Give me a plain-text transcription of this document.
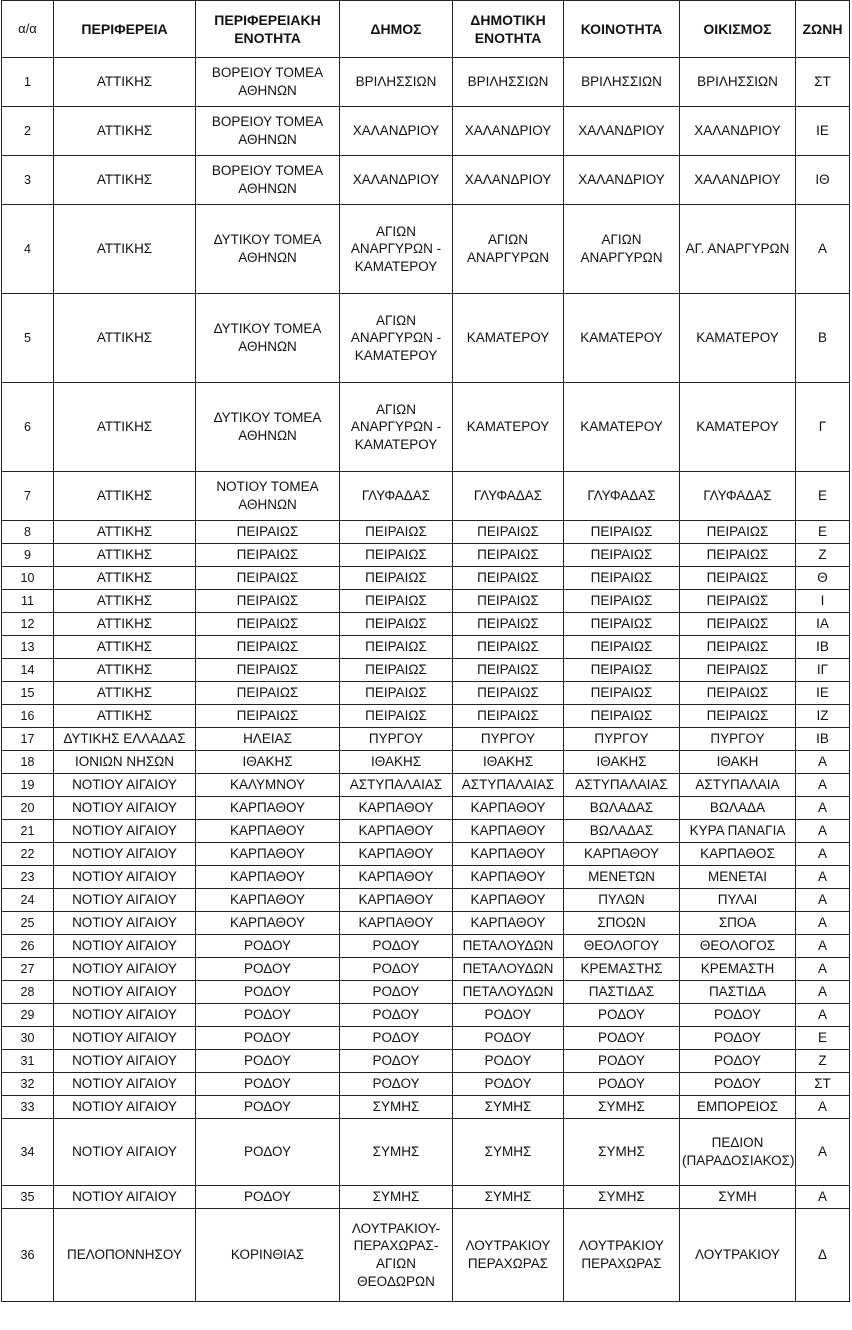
α/α	ΠΕΡΙΦΕΡΕΙΑ	ΠΕΡΙΦΕΡΕΙΑΚΗ ΕΝΟΤΗΤΑ	ΔΗΜΟΣ	ΔΗΜΟΤΙΚΗ ΕΝΟΤΗΤΑ	ΚΟΙΝΟΤΗΤΑ	ΟΙΚΙΣΜΟΣ	ΖΩΝΗ
1	ΑΤΤΙΚΗΣ	ΒΟΡΕΙΟΥ ΤΟΜΕΑ ΑΘΗΝΩΝ	ΒΡΙΛΗΣΣΙΩΝ	ΒΡΙΛΗΣΣΙΩΝ	ΒΡΙΛΗΣΣΙΩΝ	ΒΡΙΛΗΣΣΙΩΝ	ΣΤ
2	ΑΤΤΙΚΗΣ	ΒΟΡΕΙΟΥ ΤΟΜΕΑ ΑΘΗΝΩΝ	ΧΑΛΑΝΔΡΙΟΥ	ΧΑΛΑΝΔΡΙΟΥ	ΧΑΛΑΝΔΡΙΟΥ	ΧΑΛΑΝΔΡΙΟΥ	ΙΕ
3	ΑΤΤΙΚΗΣ	ΒΟΡΕΙΟΥ ΤΟΜΕΑ ΑΘΗΝΩΝ	ΧΑΛΑΝΔΡΙΟΥ	ΧΑΛΑΝΔΡΙΟΥ	ΧΑΛΑΝΔΡΙΟΥ	ΧΑΛΑΝΔΡΙΟΥ	ΙΘ
4	ΑΤΤΙΚΗΣ	ΔΥΤΙΚΟΥ ΤΟΜΕΑ ΑΘΗΝΩΝ	ΑΓΙΩΝ ΑΝΑΡΓΥΡΩΝ - ΚΑΜΑΤΕΡΟΥ	ΑΓΙΩΝ ΑΝΑΡΓΥΡΩΝ	ΑΓΙΩΝ ΑΝΑΡΓΥΡΩΝ	ΑΓ. ΑΝΑΡΓΥΡΩΝ	Α
5	ΑΤΤΙΚΗΣ	ΔΥΤΙΚΟΥ ΤΟΜΕΑ ΑΘΗΝΩΝ	ΑΓΙΩΝ ΑΝΑΡΓΥΡΩΝ - ΚΑΜΑΤΕΡΟΥ	ΚΑΜΑΤΕΡΟΥ	ΚΑΜΑΤΕΡΟΥ	ΚΑΜΑΤΕΡΟΥ	Β
6	ΑΤΤΙΚΗΣ	ΔΥΤΙΚΟΥ ΤΟΜΕΑ ΑΘΗΝΩΝ	ΑΓΙΩΝ ΑΝΑΡΓΥΡΩΝ - ΚΑΜΑΤΕΡΟΥ	ΚΑΜΑΤΕΡΟΥ	ΚΑΜΑΤΕΡΟΥ	ΚΑΜΑΤΕΡΟΥ	Γ
7	ΑΤΤΙΚΗΣ	ΝΟΤΙΟΥ ΤΟΜΕΑ ΑΘΗΝΩΝ	ΓΛΥΦΑΔΑΣ	ΓΛΥΦΑΔΑΣ	ΓΛΥΦΑΔΑΣ	ΓΛΥΦΑΔΑΣ	Ε
8	ΑΤΤΙΚΗΣ	ΠΕΙΡΑΙΩΣ	ΠΕΙΡΑΙΩΣ	ΠΕΙΡΑΙΩΣ	ΠΕΙΡΑΙΩΣ	ΠΕΙΡΑΙΩΣ	Ε
9	ΑΤΤΙΚΗΣ	ΠΕΙΡΑΙΩΣ	ΠΕΙΡΑΙΩΣ	ΠΕΙΡΑΙΩΣ	ΠΕΙΡΑΙΩΣ	ΠΕΙΡΑΙΩΣ	Ζ
10	ΑΤΤΙΚΗΣ	ΠΕΙΡΑΙΩΣ	ΠΕΙΡΑΙΩΣ	ΠΕΙΡΑΙΩΣ	ΠΕΙΡΑΙΩΣ	ΠΕΙΡΑΙΩΣ	Θ
11	ΑΤΤΙΚΗΣ	ΠΕΙΡΑΙΩΣ	ΠΕΙΡΑΙΩΣ	ΠΕΙΡΑΙΩΣ	ΠΕΙΡΑΙΩΣ	ΠΕΙΡΑΙΩΣ	Ι
12	ΑΤΤΙΚΗΣ	ΠΕΙΡΑΙΩΣ	ΠΕΙΡΑΙΩΣ	ΠΕΙΡΑΙΩΣ	ΠΕΙΡΑΙΩΣ	ΠΕΙΡΑΙΩΣ	ΙΑ
13	ΑΤΤΙΚΗΣ	ΠΕΙΡΑΙΩΣ	ΠΕΙΡΑΙΩΣ	ΠΕΙΡΑΙΩΣ	ΠΕΙΡΑΙΩΣ	ΠΕΙΡΑΙΩΣ	ΙΒ
14	ΑΤΤΙΚΗΣ	ΠΕΙΡΑΙΩΣ	ΠΕΙΡΑΙΩΣ	ΠΕΙΡΑΙΩΣ	ΠΕΙΡΑΙΩΣ	ΠΕΙΡΑΙΩΣ	ΙΓ
15	ΑΤΤΙΚΗΣ	ΠΕΙΡΑΙΩΣ	ΠΕΙΡΑΙΩΣ	ΠΕΙΡΑΙΩΣ	ΠΕΙΡΑΙΩΣ	ΠΕΙΡΑΙΩΣ	ΙΕ
16	ΑΤΤΙΚΗΣ	ΠΕΙΡΑΙΩΣ	ΠΕΙΡΑΙΩΣ	ΠΕΙΡΑΙΩΣ	ΠΕΙΡΑΙΩΣ	ΠΕΙΡΑΙΩΣ	ΙΖ
17	ΔΥΤΙΚΗΣ ΕΛΛΑΔΑΣ	ΗΛΕΙΑΣ	ΠΥΡΓΟΥ	ΠΥΡΓΟΥ	ΠΥΡΓΟΥ	ΠΥΡΓΟΥ	ΙΒ
18	ΙΟΝΙΩΝ ΝΗΣΩΝ	ΙΘΑΚΗΣ	ΙΘΑΚΗΣ	ΙΘΑΚΗΣ	ΙΘΑΚΗΣ	ΙΘΑΚΗ	Α
19	ΝΟΤΙΟΥ ΑΙΓΑΙΟΥ	ΚΑΛΥΜΝΟΥ	ΑΣΤΥΠΑΛΑΙΑΣ	ΑΣΤΥΠΑΛΑΙΑΣ	ΑΣΤΥΠΑΛΑΙΑΣ	ΑΣΤΥΠΑΛΑΙΑ	Α
20	ΝΟΤΙΟΥ ΑΙΓΑΙΟΥ	ΚΑΡΠΑΘΟΥ	ΚΑΡΠΑΘΟΥ	ΚΑΡΠΑΘΟΥ	ΒΩΛΑΔΑΣ	ΒΩΛΑΔΑ	Α
21	ΝΟΤΙΟΥ ΑΙΓΑΙΟΥ	ΚΑΡΠΑΘΟΥ	ΚΑΡΠΑΘΟΥ	ΚΑΡΠΑΘΟΥ	ΒΩΛΑΔΑΣ	ΚΥΡΑ ΠΑΝΑΓΙΑ	Α
22	ΝΟΤΙΟΥ ΑΙΓΑΙΟΥ	ΚΑΡΠΑΘΟΥ	ΚΑΡΠΑΘΟΥ	ΚΑΡΠΑΘΟΥ	ΚΑΡΠΑΘΟΥ	ΚΑΡΠΑΘΟΣ	Α
23	ΝΟΤΙΟΥ ΑΙΓΑΙΟΥ	ΚΑΡΠΑΘΟΥ	ΚΑΡΠΑΘΟΥ	ΚΑΡΠΑΘΟΥ	ΜΕΝΕΤΩΝ	ΜΕΝΕΤΑΙ	Α
24	ΝΟΤΙΟΥ ΑΙΓΑΙΟΥ	ΚΑΡΠΑΘΟΥ	ΚΑΡΠΑΘΟΥ	ΚΑΡΠΑΘΟΥ	ΠΥΛΩΝ	ΠΥΛΑΙ	Α
25	ΝΟΤΙΟΥ ΑΙΓΑΙΟΥ	ΚΑΡΠΑΘΟΥ	ΚΑΡΠΑΘΟΥ	ΚΑΡΠΑΘΟΥ	ΣΠΟΩΝ	ΣΠΟΑ	Α
26	ΝΟΤΙΟΥ ΑΙΓΑΙΟΥ	ΡΟΔΟΥ	ΡΟΔΟΥ	ΠΕΤΑΛΟΥΔΩΝ	ΘΕΟΛΟΓΟΥ	ΘΕΟΛΟΓΟΣ	Α
27	ΝΟΤΙΟΥ ΑΙΓΑΙΟΥ	ΡΟΔΟΥ	ΡΟΔΟΥ	ΠΕΤΑΛΟΥΔΩΝ	ΚΡΕΜΑΣΤΗΣ	ΚΡΕΜΑΣΤΗ	Α
28	ΝΟΤΙΟΥ ΑΙΓΑΙΟΥ	ΡΟΔΟΥ	ΡΟΔΟΥ	ΠΕΤΑΛΟΥΔΩΝ	ΠΑΣΤΙΔΑΣ	ΠΑΣΤΙΔΑ	Α
29	ΝΟΤΙΟΥ ΑΙΓΑΙΟΥ	ΡΟΔΟΥ	ΡΟΔΟΥ	ΡΟΔΟΥ	ΡΟΔΟΥ	ΡΟΔΟΥ	Α
30	ΝΟΤΙΟΥ ΑΙΓΑΙΟΥ	ΡΟΔΟΥ	ΡΟΔΟΥ	ΡΟΔΟΥ	ΡΟΔΟΥ	ΡΟΔΟΥ	Ε
31	ΝΟΤΙΟΥ ΑΙΓΑΙΟΥ	ΡΟΔΟΥ	ΡΟΔΟΥ	ΡΟΔΟΥ	ΡΟΔΟΥ	ΡΟΔΟΥ	Ζ
32	ΝΟΤΙΟΥ ΑΙΓΑΙΟΥ	ΡΟΔΟΥ	ΡΟΔΟΥ	ΡΟΔΟΥ	ΡΟΔΟΥ	ΡΟΔΟΥ	ΣΤ
33	ΝΟΤΙΟΥ ΑΙΓΑΙΟΥ	ΡΟΔΟΥ	ΣΥΜΗΣ	ΣΥΜΗΣ	ΣΥΜΗΣ	ΕΜΠΟΡΕΙΟΣ	Α
34	ΝΟΤΙΟΥ ΑΙΓΑΙΟΥ	ΡΟΔΟΥ	ΣΥΜΗΣ	ΣΥΜΗΣ	ΣΥΜΗΣ	ΠΕΔΙΟΝ (ΠΑΡΑΔΟΣΙΑΚΟΣ)	Α
35	ΝΟΤΙΟΥ ΑΙΓΑΙΟΥ	ΡΟΔΟΥ	ΣΥΜΗΣ	ΣΥΜΗΣ	ΣΥΜΗΣ	ΣΥΜΗ	Α
36	ΠΕΛΟΠΟΝΝΗΣΟΥ	ΚΟΡΙΝΘΙΑΣ	ΛΟΥΤΡΑΚΙΟΥ-ΠΕΡΑΧΩΡΑΣ-ΑΓΙΩΝ ΘΕΟΔΩΡΩΝ	ΛΟΥΤΡΑΚΙΟΥ ΠΕΡΑΧΩΡΑΣ	ΛΟΥΤΡΑΚΙΟΥ ΠΕΡΑΧΩΡΑΣ	ΛΟΥΤΡΑΚΙΟΥ	Δ
